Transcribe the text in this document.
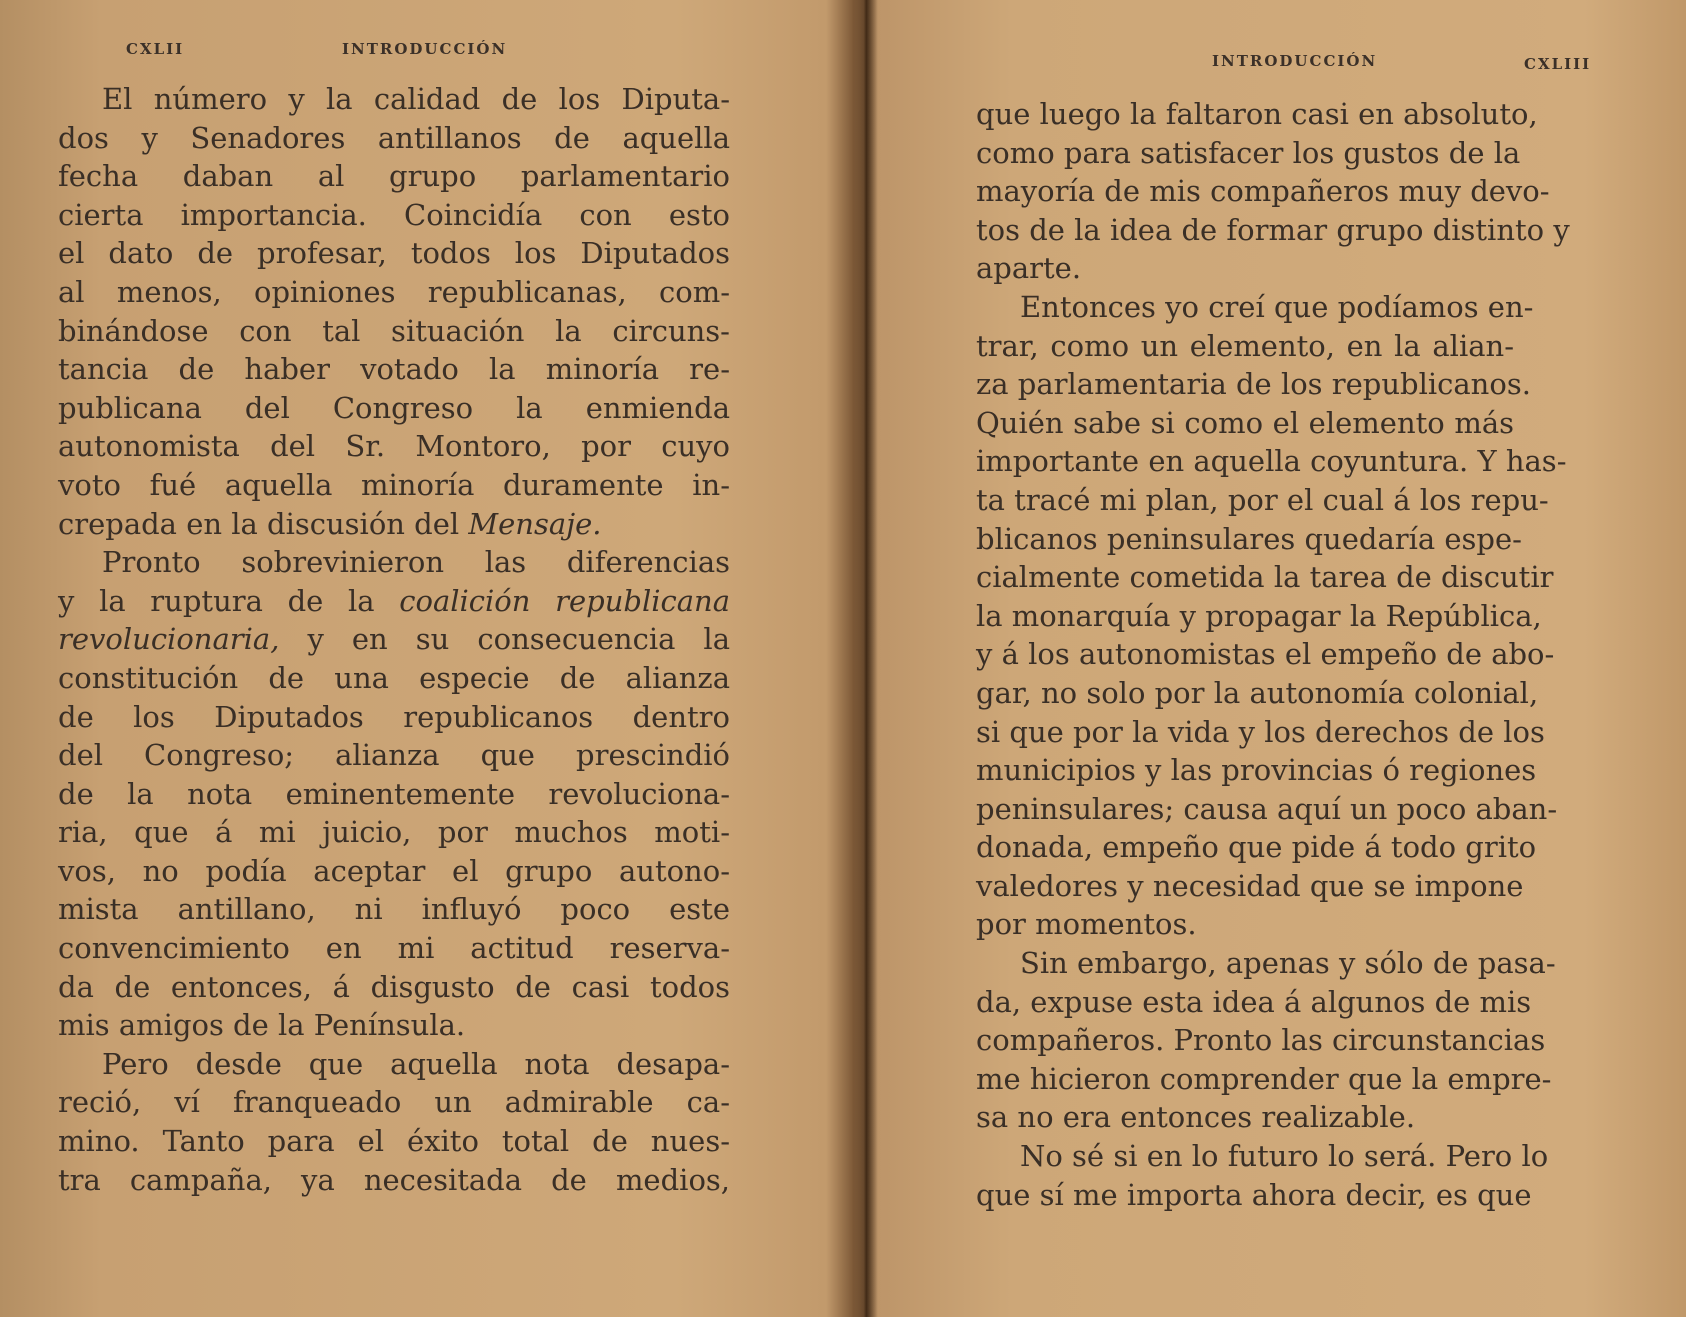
CXLII	INTRODUCCIÓN
El número y la calidad de los Diputa-
dos y Senadores antillanos de aquella
fecha daban al grupo parlamentario
cierta importancia. Coincidía con esto
el dato de profesar, todos los Diputados
al menos, opiniones republicanas, com-
binándose con tal situación la circuns-
tancia de haber votado la minoría re-
publicana del Congreso la enmienda
autonomista del Sr. Montoro, por cuyo
voto fué aquella minoría duramente in-
crepada en la discusión del Mensaje.
Pronto sobrevinieron las diferencias
y la ruptura de la coalición republicana
revolucionaria, y en su consecuencia la
constitución de una especie de alianza
de los Diputados republicanos dentro
del Congreso; alianza que prescindió
de la nota eminentemente revoluciona-
ria, que á mi juicio, por muchos moti-
vos, no podía aceptar el grupo autono-
mista antillano, ni influyó poco este
convencimiento en mi actitud reserva-
da de entonces, á disgusto de casi todos
mis amigos de la Península.
Pero desde que aquella nota desapa-
reció, ví franqueado un admirable ca-
mino. Tanto para el éxito total de nues-
tra campaña, ya necesitada de medios,
INTRODUCCIÓN	CXLIII
que luego la faltaron casi en absoluto,
como para satisfacer los gustos de la
mayoría de mis compañeros muy devo-
tos de la idea de formar grupo distinto y
aparte.
Entonces yo creí que podíamos en-
trar, como un elemento, en la alian-
za parlamentaria de los republicanos.
Quién sabe si como el elemento más
importante en aquella coyuntura. Y has-
ta tracé mi plan, por el cual á los repu-
blicanos peninsulares quedaría espe-
cialmente cometida la tarea de discutir
la monarquía y propagar la República,
y á los autonomistas el empeño de abo-
gar, no solo por la autonomía colonial,
si que por la vida y los derechos de los
municipios y las provincias ó regiones
peninsulares; causa aquí un poco aban-
donada, empeño que pide á todo grito
valedores y necesidad que se impone
por momentos.
Sin embargo, apenas y sólo de pasa-
da, expuse esta idea á algunos de mis
compañeros. Pronto las circunstancias
me hicieron comprender que la empre-
sa no era entonces realizable.
No sé si en lo futuro lo será. Pero lo
que sí me importa ahora decir, es que
